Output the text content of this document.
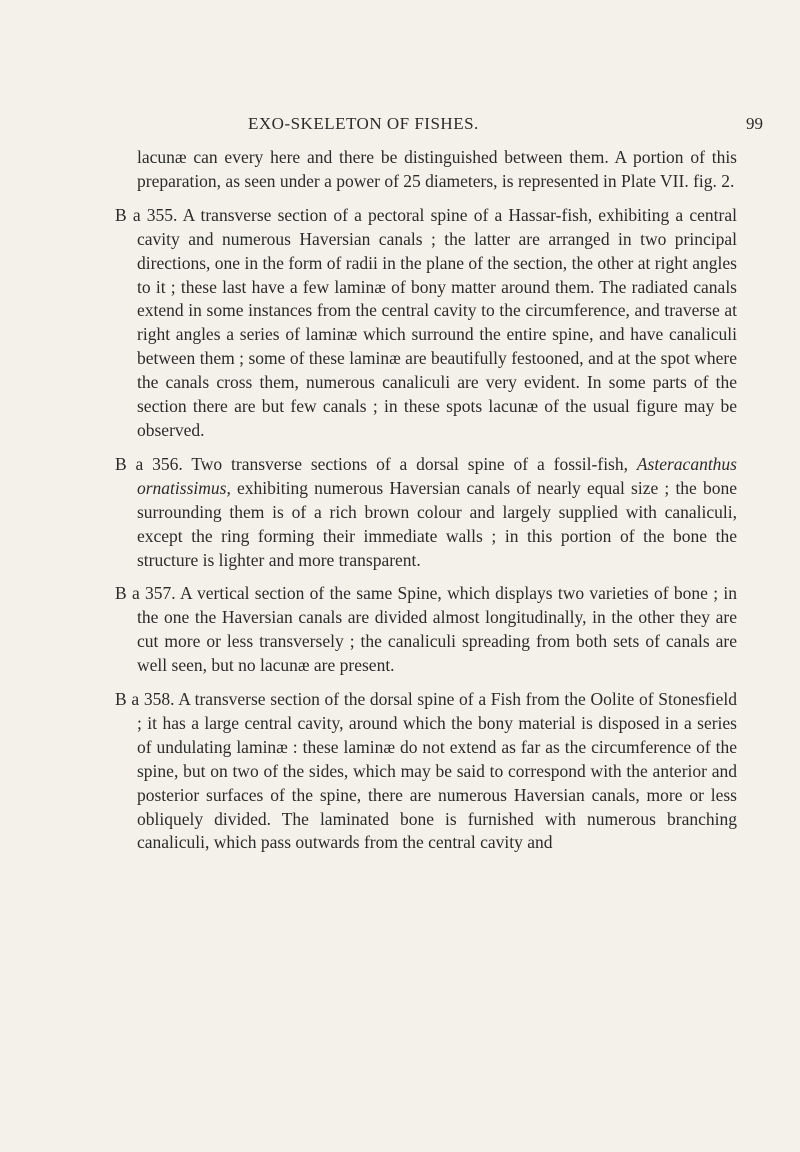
EXO-SKELETON OF FISHES.	99

lacunæ can every here and there be distinguished between them. A portion of this preparation, as seen under a power of 25 diameters, is represented in Plate VII. fig. 2.

B a 355. A transverse section of a pectoral spine of a Hassar-fish, exhibiting a central cavity and numerous Haversian canals ; the latter are arranged in two principal directions, one in the form of radii in the plane of the section, the other at right angles to it ; these last have a few laminæ of bony matter around them. The radiated canals extend in some instances from the central cavity to the circumference, and traverse at right angles a series of laminæ which surround the entire spine, and have canaliculi between them ; some of these laminæ are beautifully festooned, and at the spot where the canals cross them, numerous canaliculi are very evident. In some parts of the section there are but few canals ; in these spots lacunæ of the usual figure may be observed.

B a 356. Two transverse sections of a dorsal spine of a fossil-fish, Asteracanthus ornatissimus, exhibiting numerous Haversian canals of nearly equal size ; the bone surrounding them is of a rich brown colour and largely supplied with canaliculi, except the ring forming their immediate walls ; in this portion of the bone the structure is lighter and more transparent.

B a 357. A vertical section of the same Spine, which displays two varieties of bone ; in the one the Haversian canals are divided almost longitudinally, in the other they are cut more or less transversely ; the canaliculi spreading from both sets of canals are well seen, but no lacunæ are present.

B a 358. A transverse section of the dorsal spine of a Fish from the Oolite of Stonesfield ; it has a large central cavity, around which the bony material is disposed in a series of undulating laminæ : these laminæ do not extend as far as the circumference of the spine, but on two of the sides, which may be said to correspond with the anterior and posterior surfaces of the spine, there are numerous Haversian canals, more or less obliquely divided. The laminated bone is furnished with numerous branching canaliculi, which pass outwards from the central cavity and
